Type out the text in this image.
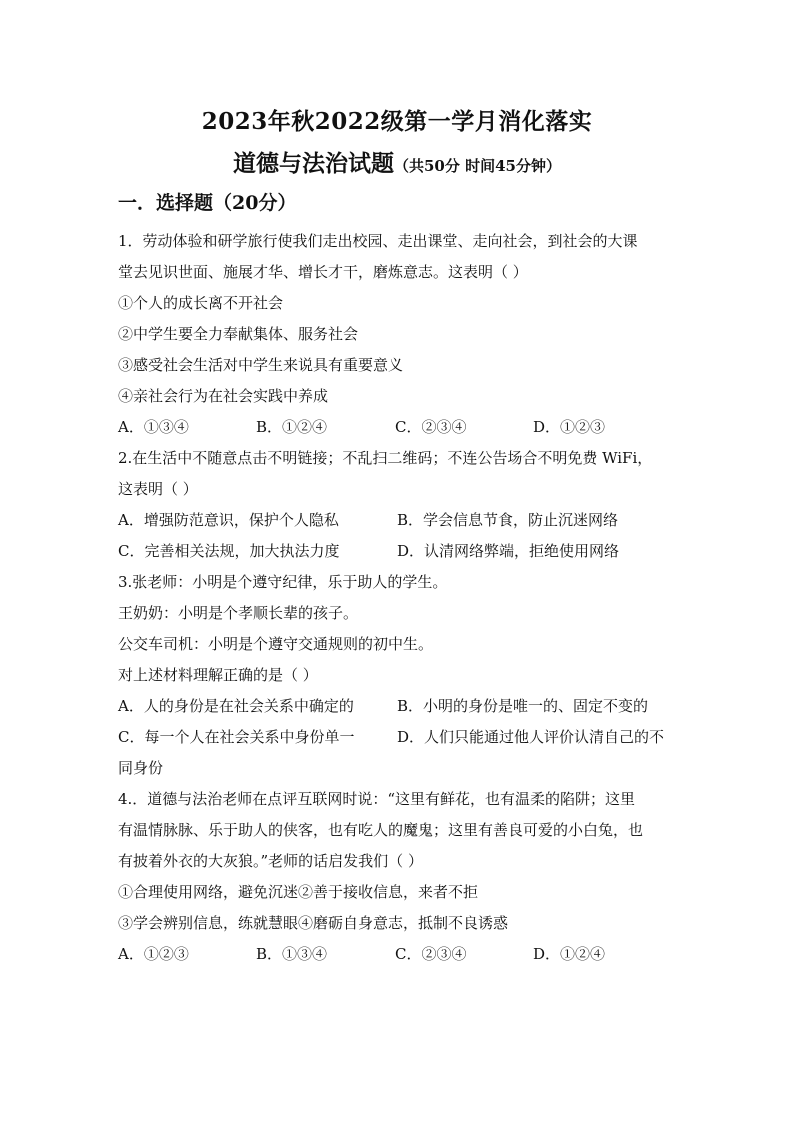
2023年秋2022级第一学月消化落实
道德与法治试题（共50分 时间45分钟）
一．选择题（20分）
1．劳动体验和研学旅行使我们走出校园、走出课堂、走向社会，到社会的大课
堂去见识世面、施展才华、增长才干，磨炼意志。这表明（ ）
①个人的成长离不开社会
②中学生要全力奉献集体、服务社会
③感受社会生活对中学生来说具有重要意义
④亲社会行为在社会实践中养成
A．①③④	B．①②④	C．②③④	D．①②③
2.在生活中不随意点击不明链接；不乱扫二维码；不连公告场合不明免费 WiFi，
这表明（ ）
A．增强防范意识，保护个人隐私	B．学会信息节食，防止沉迷网络
C．完善相关法规，加大执法力度	D．认清网络弊端，拒绝使用网络
3.张老师：小明是个遵守纪律，乐于助人的学生。
王奶奶：小明是个孝顺长辈的孩子。
公交车司机：小明是个遵守交通规则的初中生。
对上述材料理解正确的是（ ）
A．人的身份是在社会关系中确定的	B．小明的身份是唯一的、固定不变的
C．每一个人在社会关系中身份单一	D．人们只能通过他人评价认清自己的不
同身份
4.．道德与法治老师在点评互联网时说：“这里有鲜花，也有温柔的陷阱；这里
有温情脉脉、乐于助人的侠客，也有吃人的魔鬼；这里有善良可爱的小白兔，也
有披着外衣的大灰狼。”老师的话启发我们（ ）
①合理使用网络，避免沉迷②善于接收信息，来者不拒
③学会辨别信息，练就慧眼④磨砺自身意志，抵制不良诱惑
A．①②③	B．①③④	C．②③④	D．①②④
